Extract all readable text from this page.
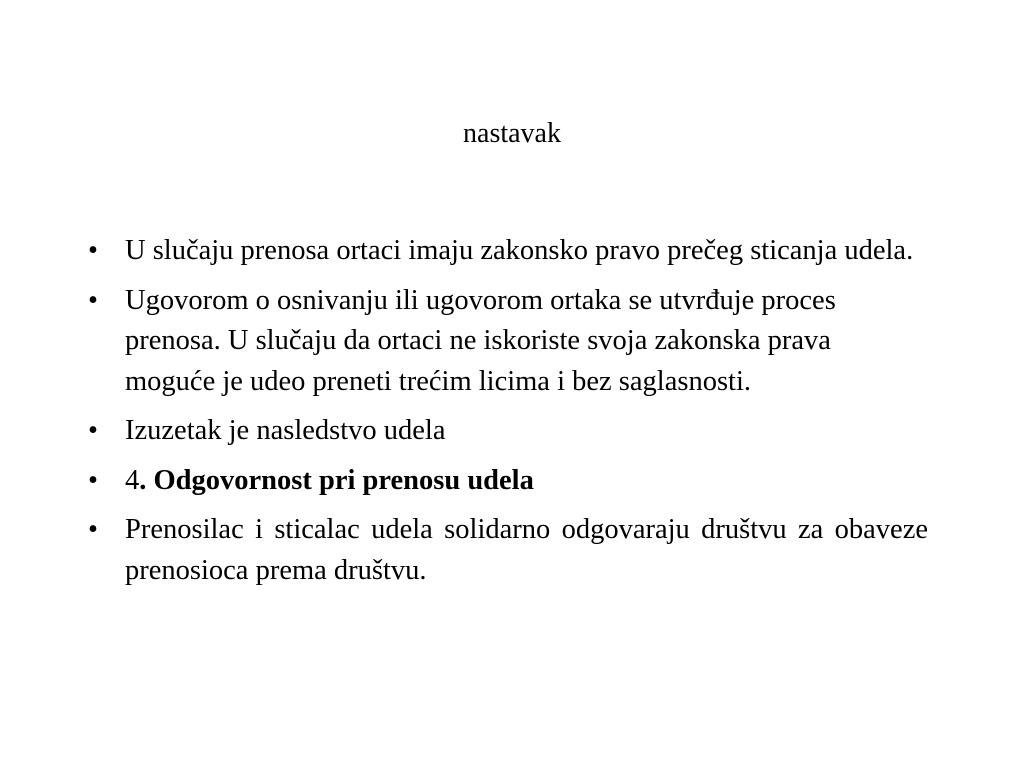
nastavak
• U slučaju prenosa ortaci imaju zakonsko pravo prečeg sticanja udela.
• Ugovorom o osnivanju ili ugovorom ortaka se utvrđuje proces prenosa. U slučaju da ortaci ne iskoriste svoja zakonska prava moguće je udeo preneti trećim licima i bez saglasnosti.
• Izuzetak je nasledstvo udela
• 4. Odgovornost pri prenosu udela
• Prenosilac i sticalac udela solidarno odgovaraju društvu za obaveze prenosioca prema društvu.
